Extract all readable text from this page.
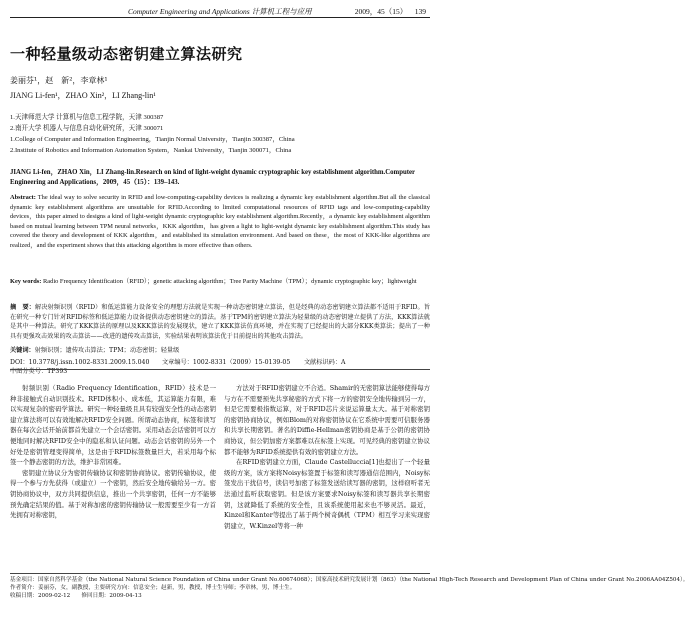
Computer Engineering and Applications 计算机工程与应用	2009，45（15） 139
一种轻量级动态密钥建立算法研究
姜丽芬¹，赵　新²，李章林¹
JIANG Li-fen¹，ZHAO Xin²，LI Zhang-lin¹
1.天津师范大学 计算机与信息工程学院，天津 300387
2.南开大学 机器人与信息自动化研究所，天津 300071
1.College of Computer and Information Engineering，Tianjin Normal University，Tianjin 300387，China
2.Institute of Robotics and Information Automation System，Nankai University，Tianjin 300071，China
JIANG Li-fen，ZHAO Xin，LI Zhang-lin.Research on kind of light-weight dynamic cryptographic key establishment algorithm.Computer Engineering and Applications，2009，45（15）：139–143.
Abstract: The ideal way to solve security in RFID and low-computing-capability devices is realizing a dynamic key establishment algorithm.But all the classical dynamic key establishment algorithms are unsuitable for RFID.According to limited computational resources of RFID tags and low-computing-capability devices，this paper aimed to designs a kind of light-weight dynamic cryptographic key establishment algorithm.Recently，a dynamic key establishment algorithm based on mutual learning between TPM neural networks，KKK algorithm，has given a light to light-weight dynamic key establishment algorithm.This study has covered the theory and development of KKK algorithm，and established its simulation environment. And based on these，the most of KKK-like algorithms are realized，and the experiment shows that this attacking algorithm is more effective than others.
Key words: Radio Frequency Identification（RFID）；genetic attacking algorithm；Tree Parity Machine（TPM）；dynamic cryptographic key；lightweight
摘　要：解决射频识别（RFID）和低运算能力设备安全的理想方法就是实现一种动态密钥建立算法，但是经典的动态密钥建立算法都不适用于RFID。旨在研究一种专门针对RFID标签和低运算能力设备提供动态密钥建立的算法。基于TPM的密钥建立算法为轻量级的动态密钥建立提供了方法，KKK算法就是其中一种算法。研究了KKK算法的原理以及KKK算法的发展现状，建立了KKK算法仿真环境，并在实现了已经提出的大部分KKK类算法；提出了一种具有更强攻击效果的攻击算法——改进的遗传攻击算法，实验结果表明该算法优于目前提出的其他攻击算法。
关键词：射频识别；遗传攻击算法；TPM；动态密钥；轻量级
DOI：10.3778/j.issn.1002-8331.2009.15.040 文章编号：1002-8331（2009）15-0139-05 文献标识码：A 中图分类号：TP393

射频识别（Radio Frequency Identification，RFID）技术是一种非接触式自动识别技术。RFID体积小、成本低，其运算能力有限，难以实现复杂的密码学算法。研究一种轻量级且具有较强安全性的动态密钥建立算法将可以有效地解决RFID安全问题。所谓动态协商，标签和读写器在每次会话开始前都首先建立一个会话密钥。采用动态会话密钥可以方便地同时解决RFID安全中的隐私和认证问题。动态会话密钥的另外一个好处是密钥管理变得简单，这是由于RFID标签数量巨大，若采用每个标签一个静态密钥的方法，维护非常困难。

密钥建立协议分为密钥传输协议和密钥协商协议。密钥传输协议，使得一个参与方先获得（或建立）一个密钥，然后安全地传输给另一方。密钥协商协议中，双方共同提供信息，推出一个共享密钥，任何一方不能够预先确定结果的值。基于对称加密的密钥传输协议一般需要至少有一方首先拥有对称密钥，

方法对于RFID密钥建立不合适。Shamir的无密钥算法能够使得每方与方在不需要预先共享秘密的方式下将一方的密钥安全地传输到另一方，但是它需要极指数运算，对于RFID芯片来说运算量太大。基于对称密钥的密钥协商协议，例如Blom的对称密钥协议在它系统中需要可信服务器和共享长期密钥。著名的Diffie-Hellman密钥协商是基于公钥的密钥协商协议，但公钥加密方案都难以在标签上实现。可见经典的密钥建立协议都不能够为RFID系统提供有效的密钥建立方法。

在RFID密钥建立方面，Claude Castelluccia[1]也提出了一个轻量级的方案，该方案将Noisy标签置于标签和读写器通信范围内，Noisy标签发出干扰信号，读信号加密了标签发送给读写器的密钥，这样窃听者无法通过监听获取密钥。但是该方案要求Noisy标签和读写器共享长期密钥，这就降低了系统的安全性，且该系统使用起来也不够灵活。最近，Kinzel和Kanter等提出了基于两个树奇偶机（TPM）相互学习来实现密钥建立，W.Kinzel等将一种

基金项目：国家自然科学基金（the National Natural Science Foundation of China under Grant No.60674068）；国家高技术研究发展计划（863）（the National High-Tech Research and Development Plan of China under Grant No.2006AA04Z504）。
作者简介：姜丽芬，女，副教授，主要研究方向：信息安全；赵新，男，教授，博士生导师；李章林，男，博士生。
收稿日期：2009-02-12　　修回日期：2009-04-13
